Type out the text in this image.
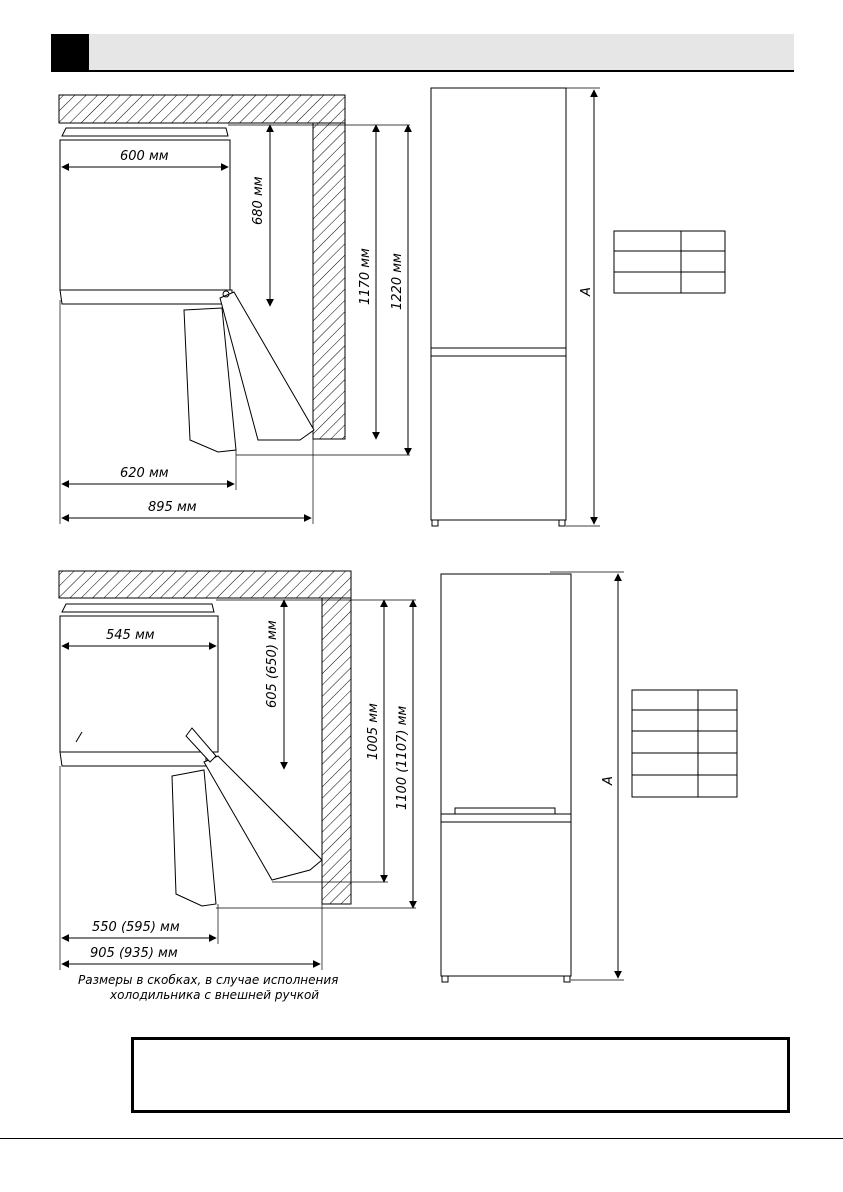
600 мм
680 мм
1170 мм 1220 мм
620 мм
895 мм
A
545 мм	605 (650) мм
1005 мм 1100 (1107) мм
550 (595) мм
905 (935) мм
Размеры в скобках, в случае исполнения
холодильника с внешней ручкой
A
